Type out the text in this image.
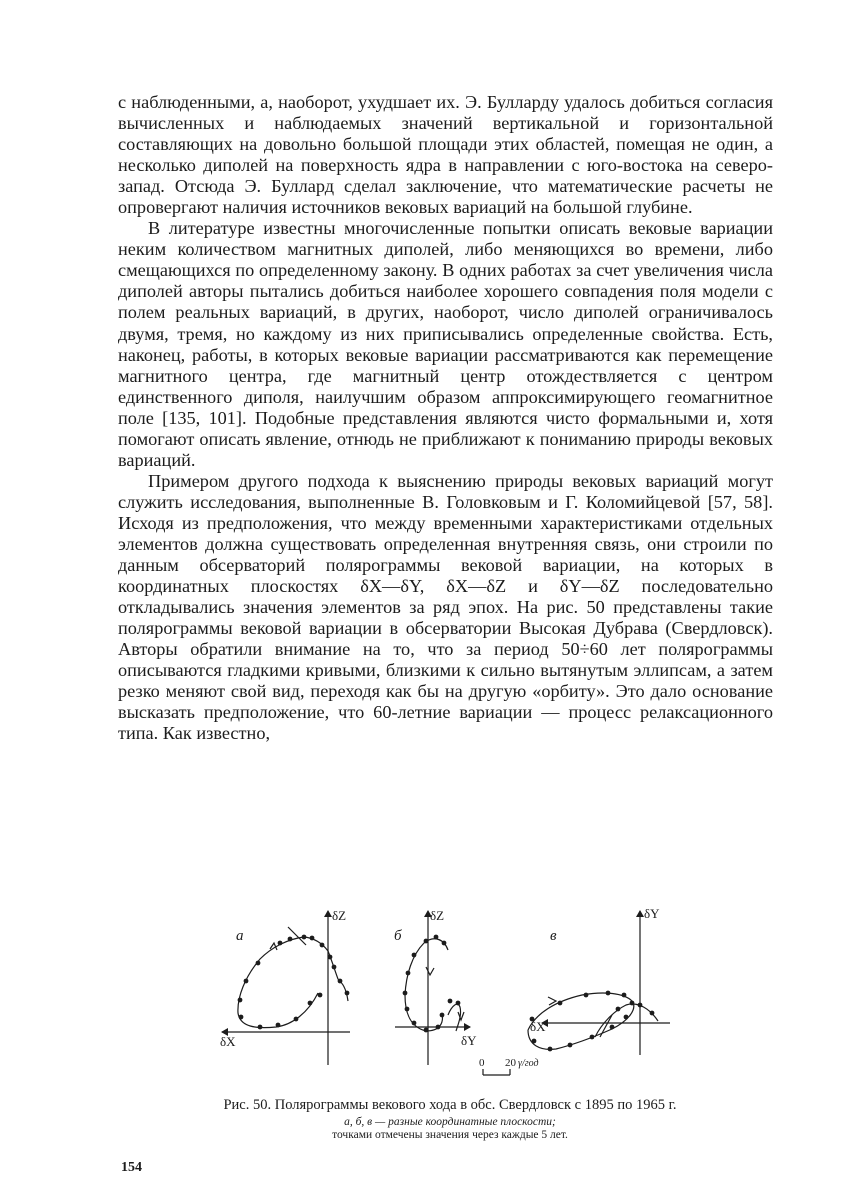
с наблюденными, а, наоборот, ухудшает их. Э. Булларду удалось добиться согласия вычисленных и наблюдаемых значений вертикальной и горизонтальной составляющих на довольно большой площади этих областей, помещая не один, а несколько диполей на поверхность ядра в направлении с юго-востока на северо-запад. Отсюда Э. Буллард сделал заключение, что математические расчеты не опровергают наличия источников вековых вариаций на большой глубине.

В литературе известны многочисленные попытки описать вековые вариации неким количеством магнитных диполей, либо меняющихся во времени, либо смещающихся по определенному закону. В одних работах за счет увеличения числа диполей авторы пытались добиться наиболее хорошего совпадения поля модели с полем реальных вариаций, в других, наоборот, число диполей ограничивалось двумя, тремя, но каждому из них приписывались определенные свойства. Есть, наконец, работы, в которых вековые вариации рассматриваются как перемещение магнитного центра, где магнитный центр отождествляется с центром единственного диполя, наилучшим образом аппроксимирующего геомагнитное поле [135, 101]. Подобные представления являются чисто формальными и, хотя помогают описать явление, отнюдь не приближают к пониманию природы вековых вариаций.

Примером другого подхода к выяснению природы вековых вариаций могут служить исследования, выполненные В. Головковым и Г. Коломийцевой [57, 58]. Исходя из предположения, что между временными характеристиками отдельных элементов должна существовать определенная внутренняя связь, они строили по данным обсерваторий полярограммы вековой вариации, на которых в координатных плоскостях δX—δY, δX—δZ и δY—δZ последовательно откладывались значения элементов за ряд эпох. На рис. 50 представлены такие полярограммы вековой вариации в обсерватории Высокая Дубрава (Свердловск). Авторы обратили внимание на то, что за период 50÷60 лет полярограммы описываются гладкими кривыми, близкими к сильно вытянутым эллипсам, а затем резко меняют свой вид, переходя как бы на другую «орбиту». Это дало основание высказать предположение, что 60-летние вариации — процесс релаксационного типа. Как известно,

а
δZ
δX
б
δZ
δY
в
δY
δX
0 20 γ/год
Рис. 50. Полярограммы векового хода в обс. Свердловск с 1895 по 1965 г.
а, б, в — разные координатные плоскости;
точками отмечены значения через каждые 5 лет.
154
